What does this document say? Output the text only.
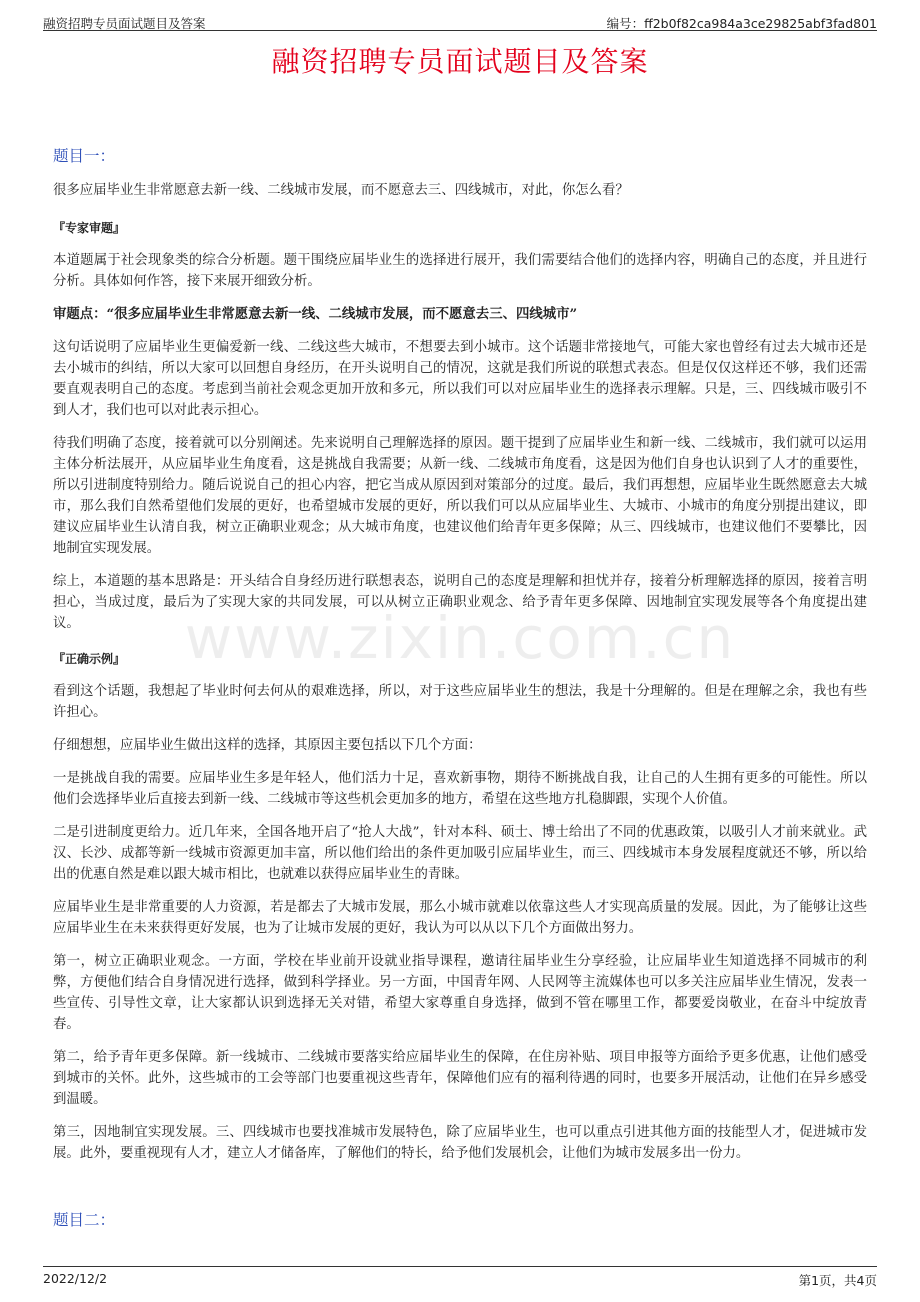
融资招聘专员面试题目及答案	编号：ff2b0f82ca984a3ce29825abf3fad801
融资招聘专员面试题目及答案
www.zixin.com.cn
题目一：

很多应届毕业生非常愿意去新一线、二线城市发展，而不愿意去三、四线城市，对此，你怎么看？

『专家审题』

本道题属于社会现象类的综合分析题。题干围绕应届毕业生的选择进行展开，我们需要结合他们的选择内容，明确自己的态度，并且进行分析。具体如何作答，接下来展开细致分析。

审题点：“很多应届毕业生非常愿意去新一线、二线城市发展，而不愿意去三、四线城市”

这句话说明了应届毕业生更偏爱新一线、二线这些大城市，不想要去到小城市。这个话题非常接地气，可能大家也曾经有过去大城市还是去小城市的纠结，所以大家可以回想自身经历，在开头说明自己的情况，这就是我们所说的联想式表态。但是仅仅这样还不够，我们还需要直观表明自己的态度。考虑到当前社会观念更加开放和多元，所以我们可以对应届毕业生的选择表示理解。只是，三、四线城市吸引不到人才，我们也可以对此表示担心。

待我们明确了态度，接着就可以分别阐述。先来说明自己理解选择的原因。题干提到了应届毕业生和新一线、二线城市，我们就可以运用主体分析法展开，从应届毕业生角度看，这是挑战自我需要；从新一线、二线城市角度看，这是因为他们自身也认识到了人才的重要性，所以引进制度特别给力。随后说说自己的担心内容，把它当成从原因到对策部分的过度。最后，我们再想想，应届毕业生既然愿意去大城市，那么我们自然希望他们发展的更好，也希望城市发展的更好，所以我们可以从应届毕业生、大城市、小城市的角度分别提出建议，即建议应届毕业生认清自我，树立正确职业观念；从大城市角度，也建议他们给青年更多保障；从三、四线城市，也建议他们不要攀比，因地制宜实现发展。

综上，本道题的基本思路是：开头结合自身经历进行联想表态，说明自己的态度是理解和担忧并存，接着分析理解选择的原因，接着言明担心，当成过度，最后为了实现大家的共同发展，可以从树立正确职业观念、给予青年更多保障、因地制宜实现发展等各个角度提出建议。

『正确示例』

看到这个话题，我想起了毕业时何去何从的艰难选择，所以，对于这些应届毕业生的想法，我是十分理解的。但是在理解之余，我也有些许担心。

仔细想想，应届毕业生做出这样的选择，其原因主要包括以下几个方面：

一是挑战自我的需要。应届毕业生多是年轻人，他们活力十足，喜欢新事物，期待不断挑战自我，让自己的人生拥有更多的可能性。所以他们会选择毕业后直接去到新一线、二线城市等这些机会更加多的地方，希望在这些地方扎稳脚跟，实现个人价值。

二是引进制度更给力。近几年来，全国各地开启了“抢人大战”，针对本科、硕士、博士给出了不同的优惠政策，以吸引人才前来就业。武汉、长沙、成都等新一线城市资源更加丰富，所以他们给出的条件更加吸引应届毕业生，而三、四线城市本身发展程度就还不够，所以给出的优惠自然是难以跟大城市相比，也就难以获得应届毕业生的青睐。

应届毕业生是非常重要的人力资源，若是都去了大城市发展，那么小城市就难以依靠这些人才实现高质量的发展。因此，为了能够让这些应届毕业生在未来获得更好发展，也为了让城市发展的更好，我认为可以从以下几个方面做出努力。

第一，树立正确职业观念。一方面，学校在毕业前开设就业指导课程，邀请往届毕业生分享经验，让应届毕业生知道选择不同城市的利弊，方便他们结合自身情况进行选择，做到科学择业。另一方面，中国青年网、人民网等主流媒体也可以多关注应届毕业生情况，发表一些宣传、引导性文章，让大家都认识到选择无关对错，希望大家尊重自身选择，做到不管在哪里工作，都要爱岗敬业，在奋斗中绽放青春。

第二，给予青年更多保障。新一线城市、二线城市要落实给应届毕业生的保障，在住房补贴、项目申报等方面给予更多优惠，让他们感受到城市的关怀。此外，这些城市的工会等部门也要重视这些青年，保障他们应有的福利待遇的同时，也要多开展活动，让他们在异乡感受到温暖。

第三，因地制宜实现发展。三、四线城市也要找准城市发展特色，除了应届毕业生，也可以重点引进其他方面的技能型人才，促进城市发展。此外，要重视现有人才，建立人才储备库，了解他们的特长，给予他们发展机会，让他们为城市发展多出一份力。

题目二：
2022/12/2	第1页，共4页
